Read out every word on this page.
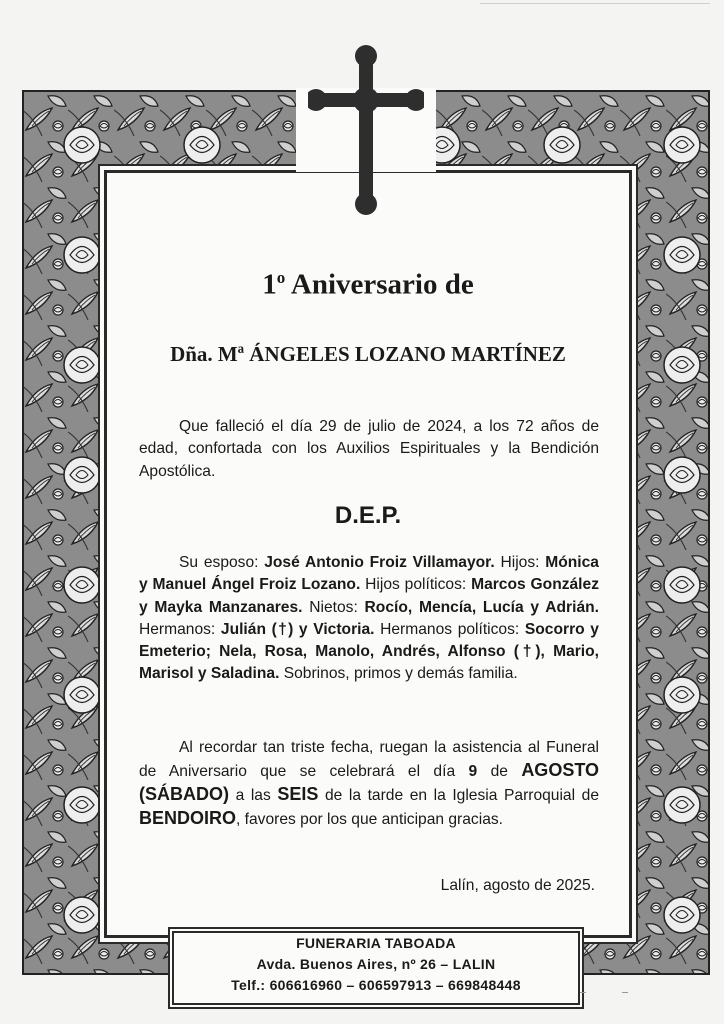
1$^o$ Aniversario de
Dña. Mª ÁNGELES LOZANO MARTÍNEZ
Que falleció el día 29 de julio de 2024, a los 72 años de edad, confortada con los Auxilios Espirituales y la Bendición Apostólica.
D.E.P.
Su esposo: José Antonio Froiz Villamayor. Hijos: Mónica y Manuel Ángel Froiz Lozano. Hijos políticos: Marcos González y Mayka Manzanares. Nietos: Rocío, Mencía, Lucía y Adrián. Hermanos: Julián (†) y Victoria. Hermanos políticos: Socorro y Emeterio; Nela, Rosa, Manolo, Andrés, Alfonso (†), Mario, Marisol y Saladina. Sobrinos, primos y demás familia.
Al recordar tan triste fecha, ruegan la asistencia al Funeral de Aniversario que se celebrará el día 9 de AGOSTO (SÁBADO) a las SEIS de la tarde en la Iglesia Parroquial de BENDOIRO, favores por los que anticipan gracias.
Lalín, agosto de 2025.
FUNERARIA TABOADA
Avda. Buenos Aires, nº 26 – LALIN
Telf.: 606616960 – 606597913 – 669848448
